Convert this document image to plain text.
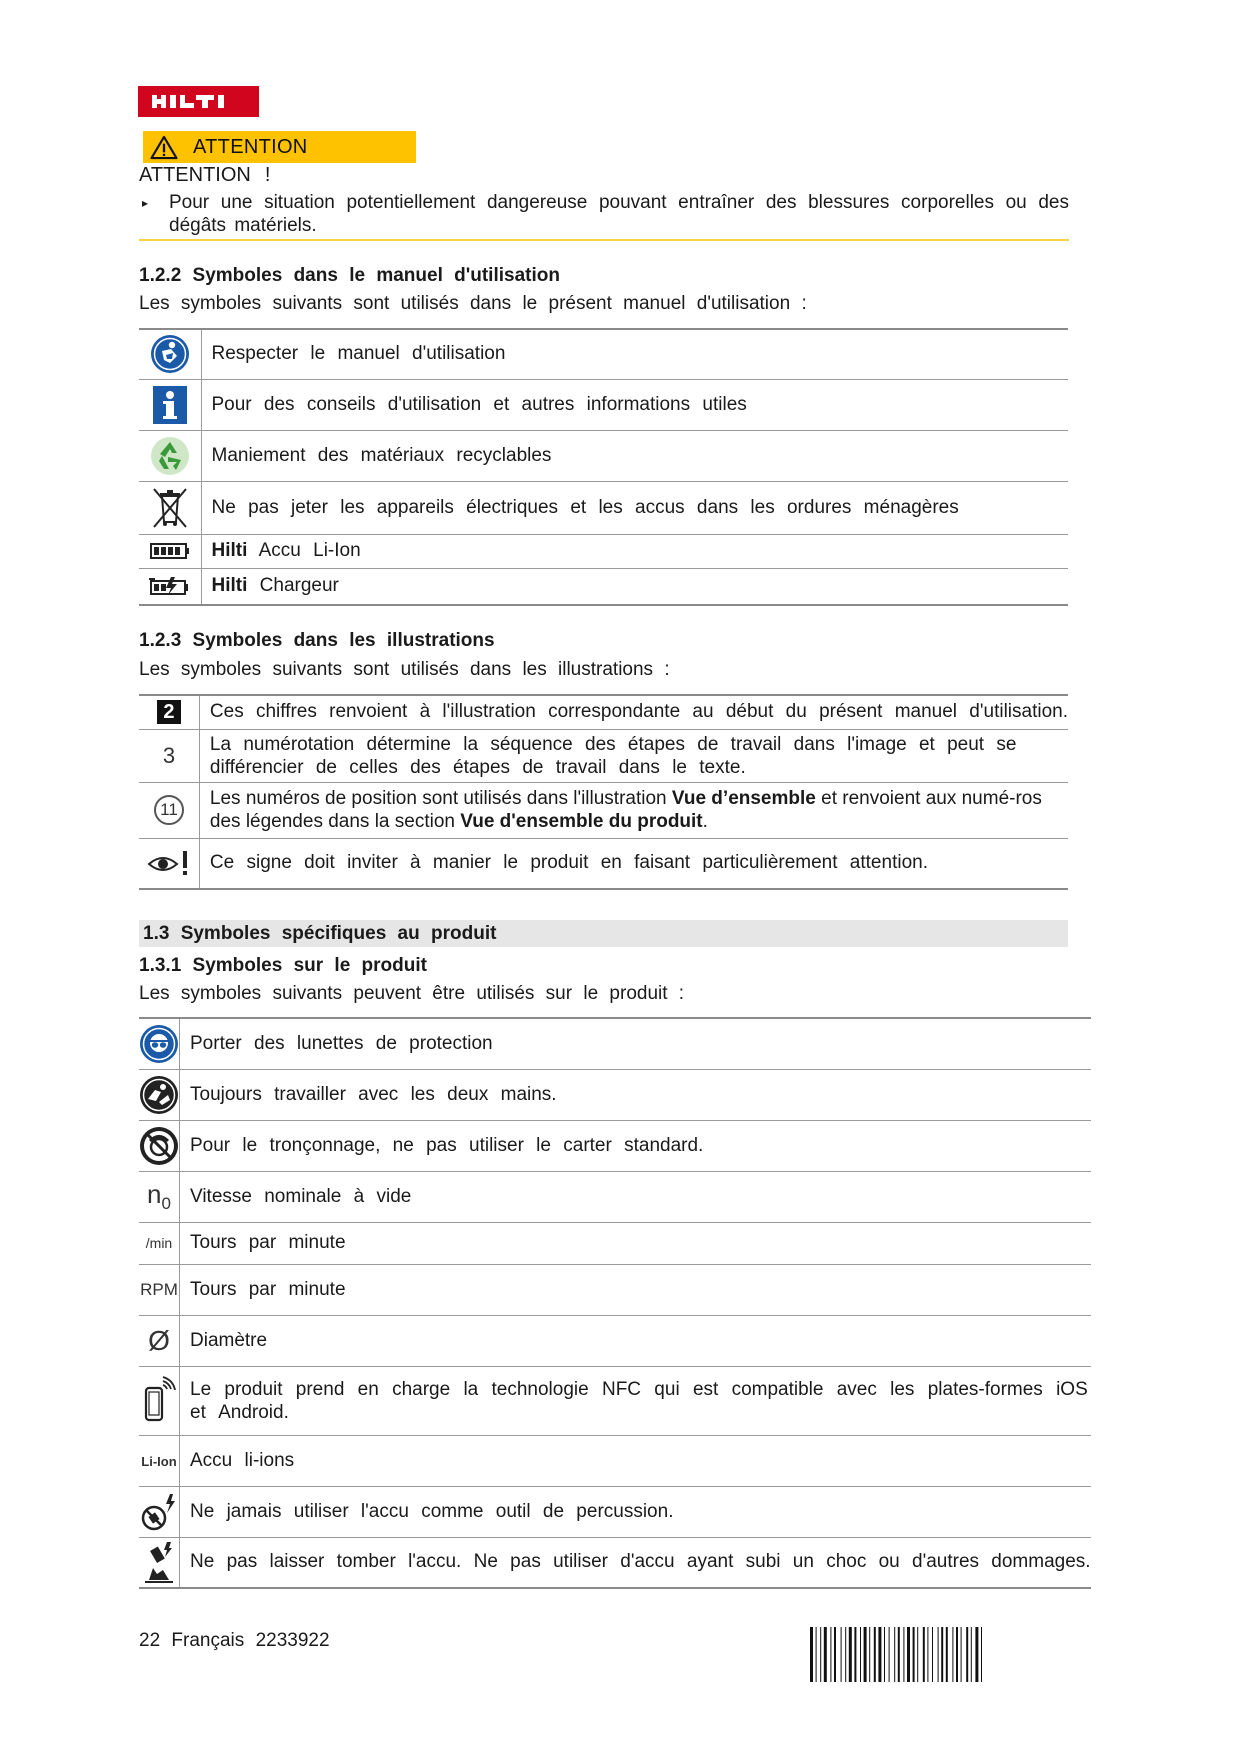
ATTENTION
ATTENTION !
▸ Pour une situation potentiellement dangereuse pouvant entraîner des blessures corporelles ou des dégâts matériels.
1.2.2 Symboles dans le manuel d'utilisation
Les symboles suivants sont utilisés dans le présent manuel d'utilisation :
	Respecter le manuel d'utilisation

	Pour des conseils d'utilisation et autres informations utiles

	Maniement des matériaux recyclables

	Ne pas jeter les appareils électriques et les accus dans les ordures ménagères

	Hilti Accu Li-Ion

	Hilti Chargeur
1.2.3 Symboles dans les illustrations
Les symboles suivants sont utilisés dans les illustrations :
2	Ces chiffres renvoient à l'illustration correspondante au début du présent manuel d'utilisation.
3	La numérotation détermine la séquence des étapes de travail dans l'image et peut se différencier de celles des étapes de travail dans le texte.
11	Les numéros de position sont utilisés dans l'illustration Vue d’ensemble et renvoient aux numé-ros des légendes dans la section Vue d'ensemble du produit.

	Ce signe doit inviter à manier le produit en faisant particulièrement attention.
1.3 Symboles spécifiques au produit
1.3.1 Symboles sur le produit
Les symboles suivants peuvent être utilisés sur le produit :
	Porter des lunettes de protection

	Toujours travailler avec les deux mains.

	Pour le tronçonnage, ne pas utiliser le carter standard.
$n_0$	Vitesse nominale à vide
/min	Tours par minute
RPM	Tours par minute
Ø	Diamètre

	Le produit prend en charge la technologie NFC qui est compatible avec les plates-formes iOS et Android.
Li-Ion	Accu li-ions

	Ne jamais utiliser l'accu comme outil de percussion.

	Ne pas laisser tomber l'accu. Ne pas utiliser d'accu ayant subi un choc ou d'autres dommages.
22 Français 2233922
